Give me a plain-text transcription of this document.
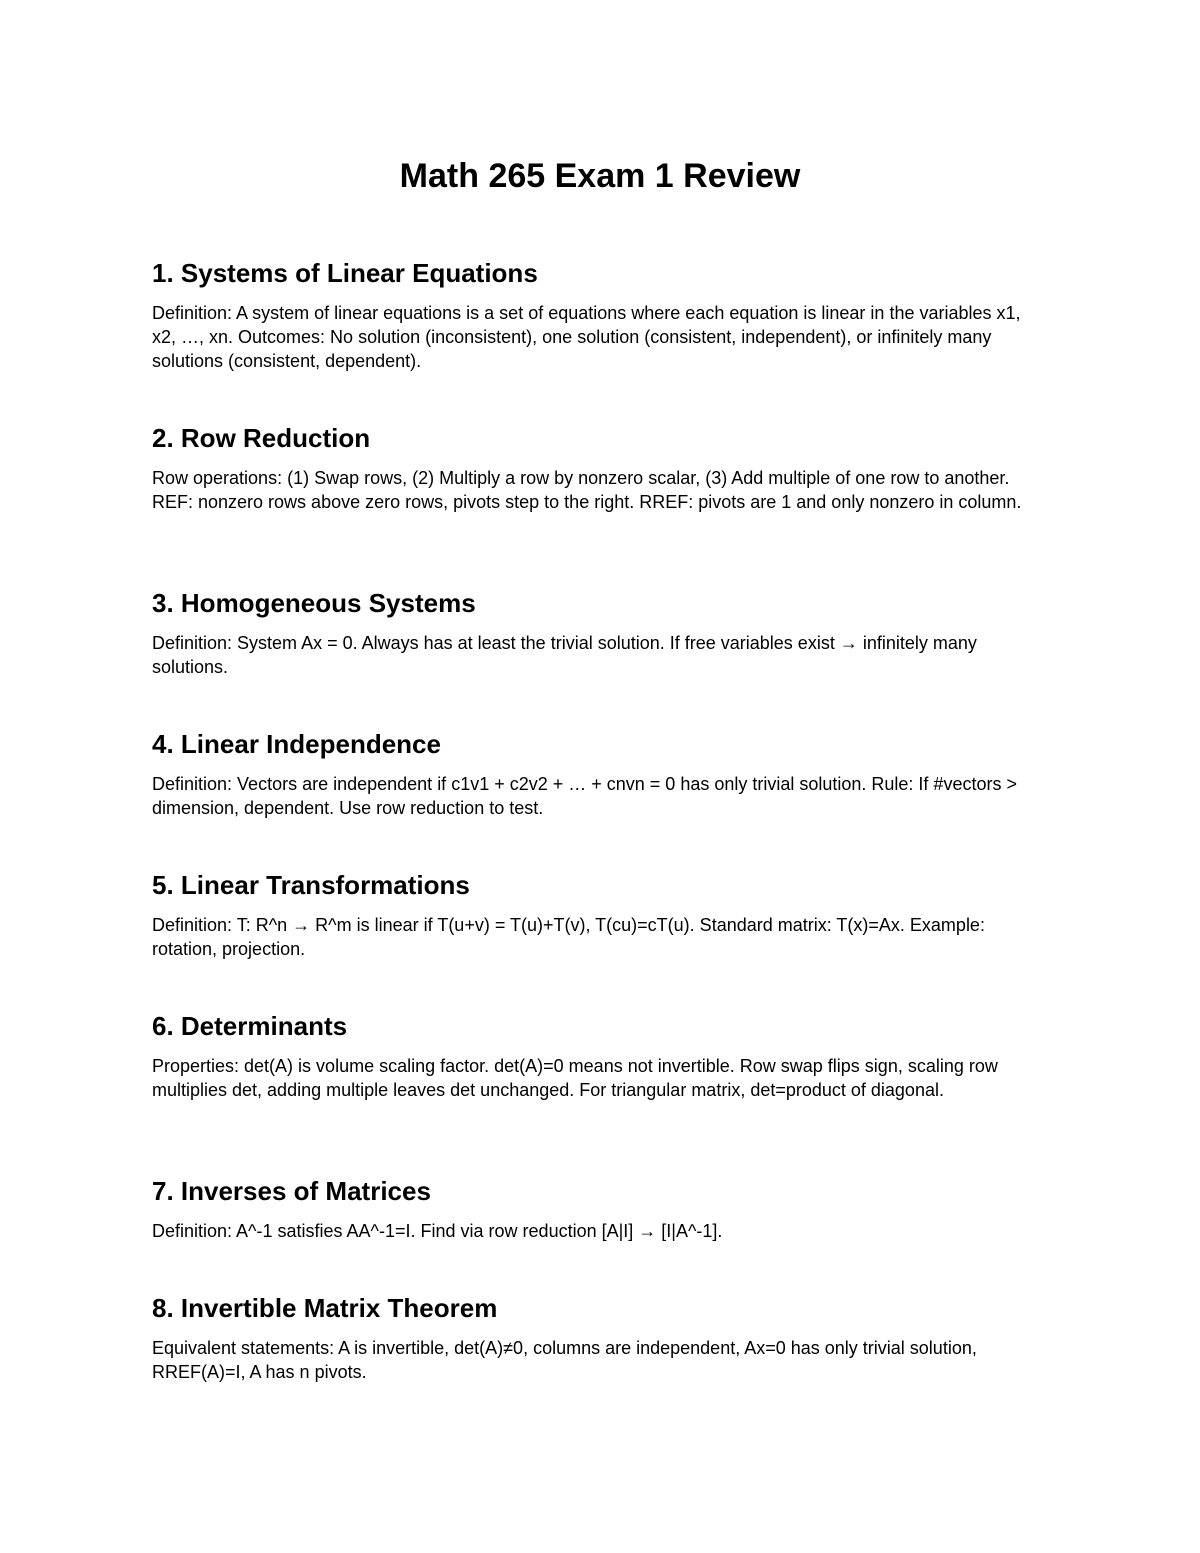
Math 265 Exam 1 Review
1. Systems of Linear Equations

Definition: A system of linear equations is a set of equations where each equation is linear in the variables x1, x2, …, xn. Outcomes: No solution (inconsistent), one solution (consistent, independent), or infinitely many solutions (consistent, dependent).

2. Row Reduction

Row operations: (1) Swap rows, (2) Multiply a row by nonzero scalar, (3) Add multiple of one row to another. REF: nonzero rows above zero rows, pivots step to the right. RREF: pivots are 1 and only nonzero in column.

3. Homogeneous Systems

Definition: System Ax = 0. Always has at least the trivial solution. If free variables exist → infinitely many solutions.

4. Linear Independence

Definition: Vectors are independent if c1v1 + c2v2 + … + cnvn = 0 has only trivial solution. Rule: If #vectors > dimension, dependent. Use row reduction to test.

5. Linear Transformations

Definition: T: R^n → R^m is linear if T(u+v) = T(u)+T(v), T(cu)=cT(u). Standard matrix: T(x)=Ax. Example: rotation, projection.

6. Determinants

Properties: det(A) is volume scaling factor. det(A)=0 means not invertible. Row swap flips sign, scaling row multiplies det, adding multiple leaves det unchanged. For triangular matrix, det=product of diagonal.

7. Inverses of Matrices

Definition: A^-1 satisfies AA^-1=I. Find via row reduction [A|I] → [I|A^-1].

8. Invertible Matrix Theorem

Equivalent statements: A is invertible, det(A)≠0, columns are independent, Ax=0 has only trivial solution, RREF(A)=I, A has n pivots.
